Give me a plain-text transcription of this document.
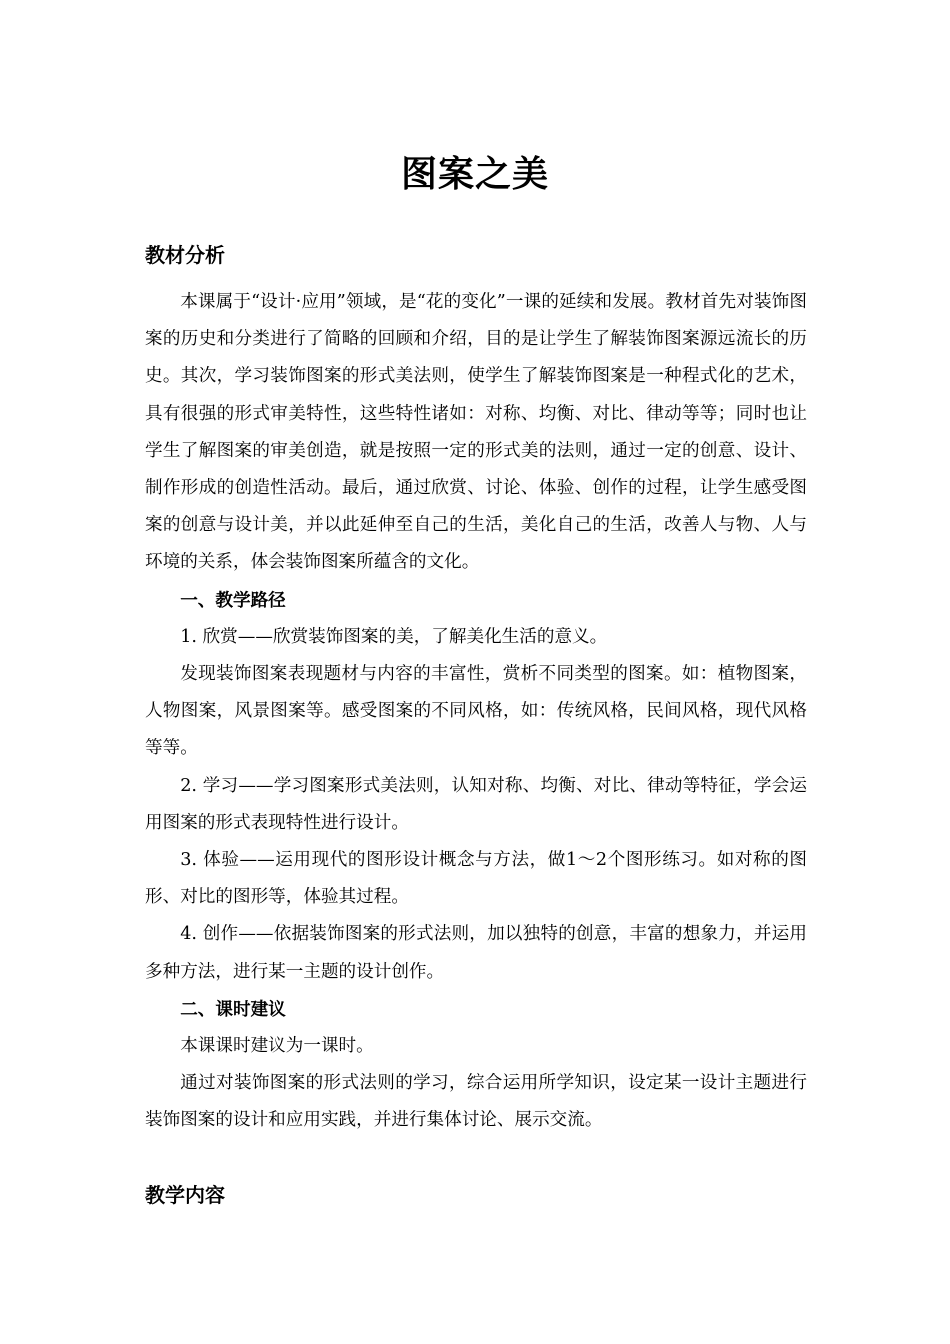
图案之美
教材分析

本课属于“设计·应用”领域，是“花的变化”一课的延续和发展。教材首先对装饰图案的历史和分类进行了简略的回顾和介绍，目的是让学生了解装饰图案源远流长的历史。其次，学习装饰图案的形式美法则，使学生了解装饰图案是一种程式化的艺术，具有很强的形式审美特性，这些特性诸如：对称、均衡、对比、律动等等；同时也让学生了解图案的审美创造，就是按照一定的形式美的法则，通过一定的创意、设计、制作形成的创造性活动。最后，通过欣赏、讨论、体验、创作的过程，让学生感受图案的创意与设计美，并以此延伸至自己的生活，美化自己的生活，改善人与物、人与环境的关系，体会装饰图案所蕴含的文化。

一、教学路径

1. 欣赏——欣赏装饰图案的美，了解美化生活的意义。

发现装饰图案表现题材与内容的丰富性，赏析不同类型的图案。如：植物图案，人物图案，风景图案等。感受图案的不同风格，如：传统风格，民间风格，现代风格等等。

2. 学习——学习图案形式美法则，认知对称、均衡、对比、律动等特征，学会运用图案的形式表现特性进行设计。

3. 体验——运用现代的图形设计概念与方法，做1～2个图形练习。如对称的图形、对比的图形等，体验其过程。

4. 创作——依据装饰图案的形式法则，加以独特的创意，丰富的想象力，并运用多种方法，进行某一主题的设计创作。

二、课时建议

本课课时建议为一课时。

通过对装饰图案的形式法则的学习，综合运用所学知识，设定某一设计主题进行装饰图案的设计和应用实践，并进行集体讨论、展示交流。

教学内容
